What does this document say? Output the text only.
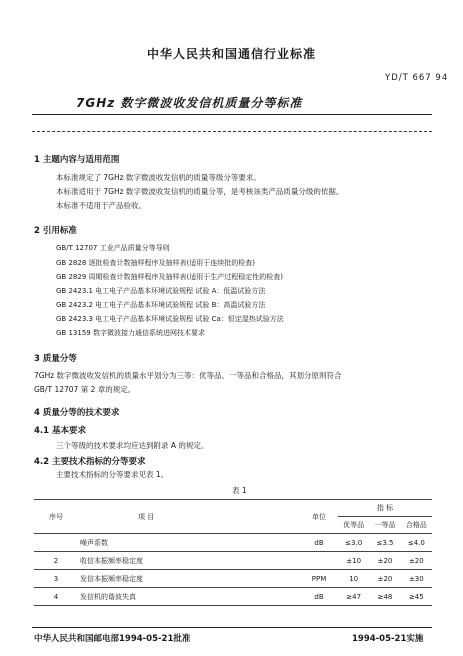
中华人民共和国通信行业标准
YD/T 667 94
7GHz 数字微波收发信机质量分等标准
1 主题内容与适用范围
本标准规定了 7GHz 数字微波收发信机的质量等级分等要求。
本标准适用于 7GHz 数字微波收发信机的质量分等，是考核该类产品质量分级的依据。
本标准不适用于产品验收。
2 引用标准
GB/T 12707 工业产品质量分等导则
GB 2828 逐批检查计数抽样程序及抽样表(适用于连续批的检查)
GB 2829 周期检查计数抽样程序及抽样表(适用于生产过程稳定性的检查)
GB 2423.1 电工电子产品基本环境试验规程 试验 A：低温试验方法
GB 2423.2 电工电子产品基本环境试验规程 试验 B：高温试验方法
GB 2423.3 电工电子产品基本环境试验规程 试验 Ca：恒定湿热试验方法
GB 13159 数字微波接力通信系统进网技术要求
3 质量分等
7GHz 数字微波收发信机的质量水平划分为三等：优等品、一等品和合格品，其划分原则符合
GB/T 12707 第 2 章的规定。
4 质量分等的技术要求
4.1 基本要求
三个等级的技术要求均应达到附录 A 的规定。
4.2 主要技术指标的分等要求
主要技术指标的分等要求见表 1。
表 1
序号	项 目	单位	指 标		
			优等品	一等品	合格品
	噪声系数	dB	≤3.0	≤3.5	≤4.0
2	收信本振频率稳定度		±10	±20	±20
3	发信本振频率稳定度	PPM	10	±20	±30
4	发信机的谐波失真	dB	≥47	≥48	≥45
中华人民共和国邮电部1994-05-21批准	1994-05-21实施
